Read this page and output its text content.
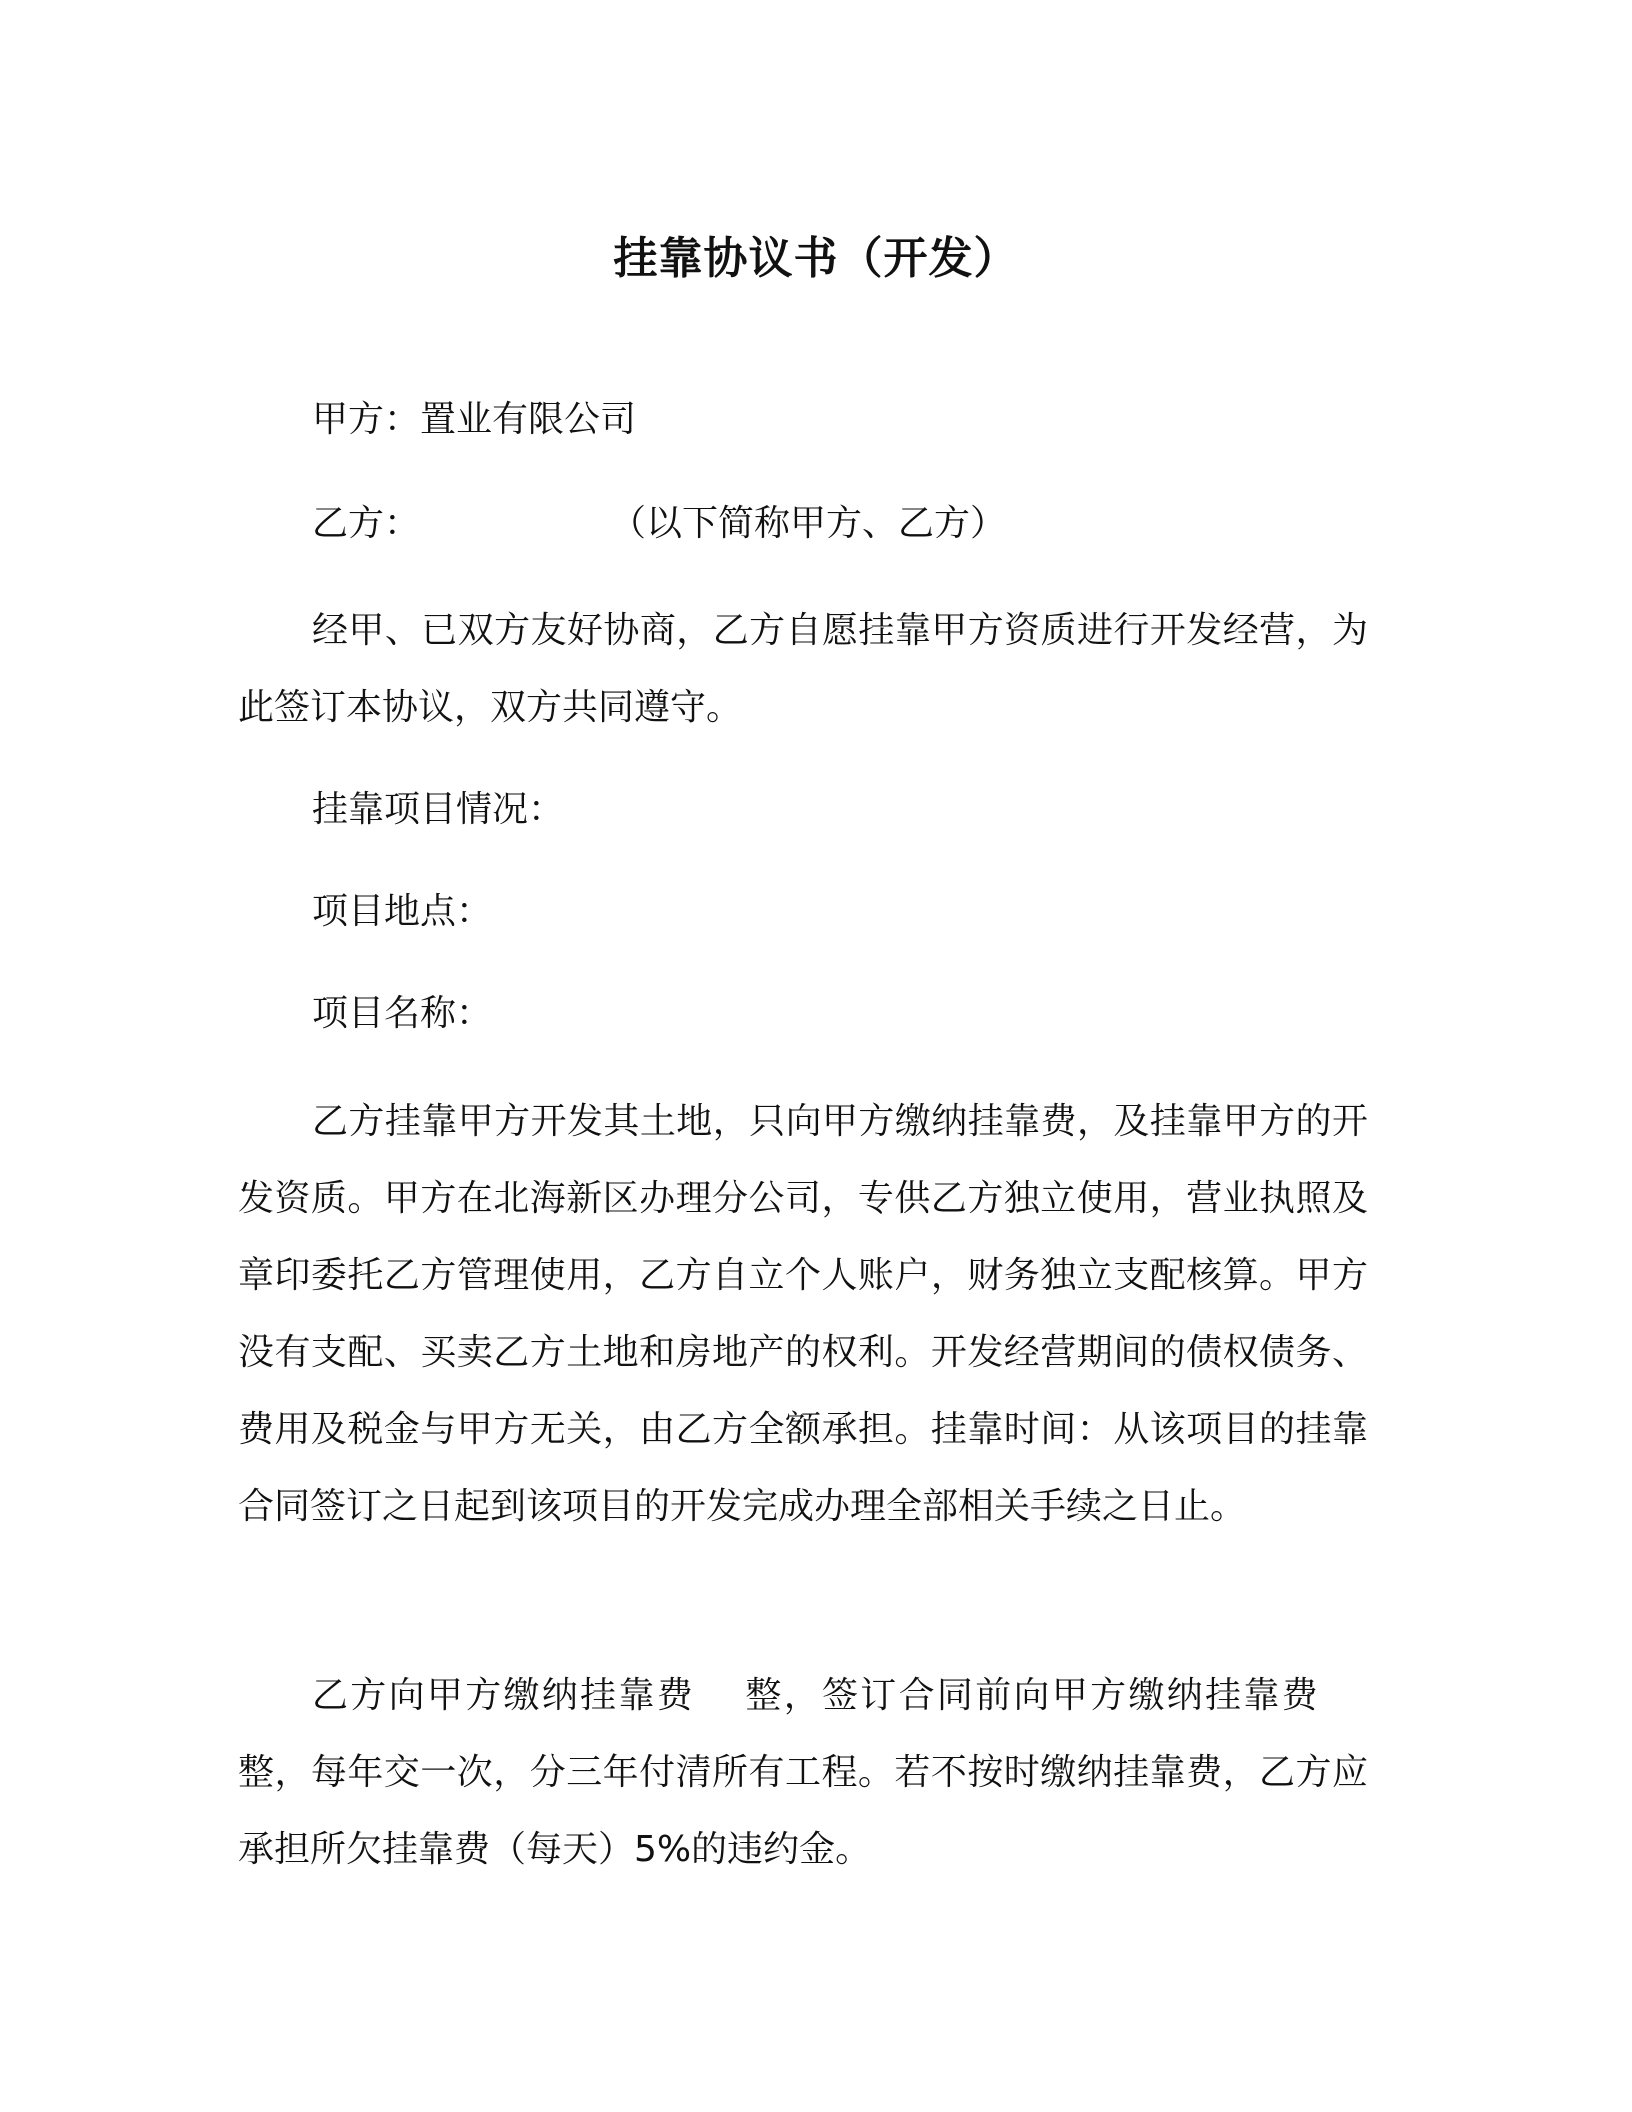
挂靠协议书（开发）
甲方：置业有限公司
乙方：	（以下简称甲方、乙方）

经甲、已双方友好协商，乙方自愿挂靠甲方资质进行开发经营，为此签订本协议，双方共同遵守。

挂靠项目情况：
项目地点：
项目名称：

乙方挂靠甲方开发其土地，只向甲方缴纳挂靠费，及挂靠甲方的开发资质。甲方在北海新区办理分公司，专供乙方独立使用，营业执照及章印委托乙方管理使用，乙方自立个人账户，财务独立支配核算。甲方没有支配、买卖乙方土地和房地产的权利。开发经营期间的债权债务、费用及税金与甲方无关，由乙方全额承担。挂靠时间：从该项目的挂靠合同签订之日起到该项目的开发完成办理全部相关手续之日止。

乙方向甲方缴纳挂靠费 整，签订合同前向甲方缴纳挂靠费整，每年交一次，分三年付清所有工程。若不按时缴纳挂靠费，乙方应承担所欠挂靠费（每天）5%的违约金。
